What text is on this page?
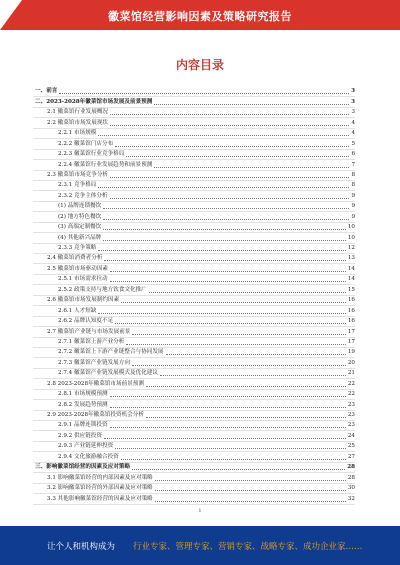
徽菜馆经营影响因素及策略研究报告
内容目录
一、前言	3
二、2023-2028年徽菜馆市场发展及前景预测	3
2.1 徽菜馆行业发展概况	3
2.2 徽菜馆市场发展现状	4
2.2.1 市场规模	4
2.2.2 徽菜馆门店分布	5
2.2.3 徽菜馆行业竞争格局	6
2.2.4 徽菜馆行业发展趋势和前景预测	7
2.3 徽菜馆市场竞争分析	8
2.3.1 竞争格局	8
2.3.2 竞争主体分析	9
(1) 品牌连锁餐饮	9
(2) 地方特色餐饮	9
(3) 高端定制餐饮	10
(4) 其他新兴品牌	10
2.3.3 竞争策略	12
2.4 徽菜馆消费者分析	13
2.5 徽菜馆市场驱动因素	14
2.5.1 市场需求拉动	14
2.5.2 政策支持与地方饮食文化推广	15
2.6 徽菜馆市场发展制约因素	16
2.6.1 人才短缺	16
2.6.2 品牌认知度不足	16
2.7 徽菜馆产业链与市场发展前景	17
2.7.1 徽菜馆上游产业分析	17
2.7.2 徽菜馆上下游产业链整合与协同发展	19
2.7.3 徽菜馆产业链发展方向	20
2.7.4 徽菜馆产业链发展模式及优化建议	21
2.8 2023-2028年徽菜馆市场前景预测	22
2.8.1 市场规模预测	22
2.8.2 发展趋势预测	23
2.9 2023-2028年徽菜馆投资机会分析	23
2.9.1 品牌连锁投资	23
2.9.2 供应链投资	24
2.9.3 产业链延伸投资	25
2.9.4 文化旅游融合投资	27
三、影响徽菜馆经营的因素及应对策略	28
3.1 影响徽菜馆经营的内部因素及应对策略	28
3.2 影响徽菜馆经营的外部因素及应对策略	30
3.3 其他影响徽菜馆经营的因素及应对策略	32
1
让个人和机构成为 行业专家、管理专家、营销专家、战略专家、成功企业家……
